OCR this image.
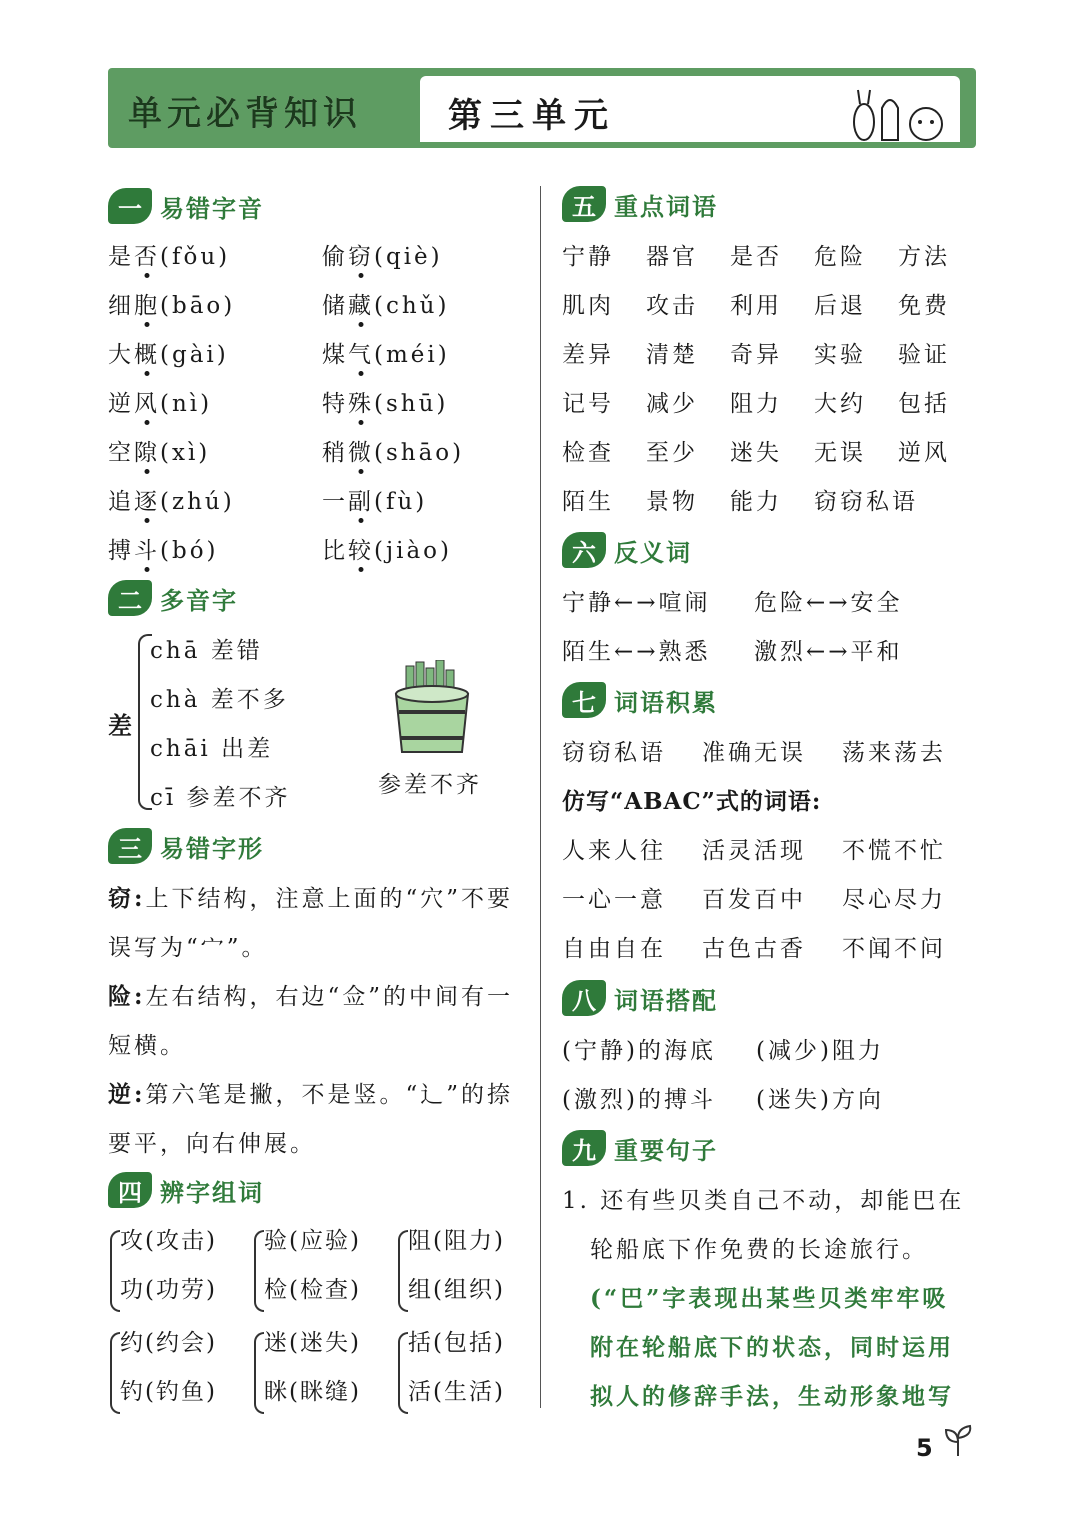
单元必背知识	第三单元
一 易错字音
是否(fǒu)
细胞(bāo)
大概(gài)
逆风(nì)
空隙(xì)
追逐(zhú)
搏斗(bó)
偷窃(qiè)
储藏(chǔ)
煤气(méi)
特殊(shū)
稍微(shāo)
一副(fù)
比较(jiào)
二 多音字
差
chā 差错
chà 差不多
chāi 出差
cī 参差不齐	参差不齐
三 易错字形
窃:上下结构，注意上面的“穴”不要
误写为“宀”。
险:左右结构，右边“佥”的中间有一
短横。
逆:第六笔是撇，不是竖。“辶”的捺
要平，向右伸展。
四 辨字组词
攻(攻击)
功(功劳)
验(应验)
检(检查)
阻(阻力)
组(组织)
约(约会)
钓(钓鱼)
迷(迷失)
眯(眯缝)
括(包括)
活(生活)
五 重点词语
宁静 器官 是否 危险 方法
肌肉 攻击 利用 后退 免费
差异 清楚 奇异 实验 验证
记号 减少 阻力 大约 包括
检查 至少 迷失 无误 逆风
陌生 景物 能力 窃窃私语
六 反义词
宁静←→喧闹 危险←→安全
陌生←→熟悉 激烈←→平和
七 词语积累
窃窃私语 准确无误 荡来荡去
仿写“ABAC”式的词语:
人来人往 活灵活现 不慌不忙
一心一意 百发百中 尽心尽力
自由自在 古色古香 不闻不问
八 词语搭配
(宁静)的海底 (减少)阻力
(激烈)的搏斗 (迷失)方向
九 重要句子
1. 还有些贝类自己不动，却能巴在
轮船底下作免费的长途旅行。
(“巴”字表现出某些贝类牢牢吸
附在轮船底下的状态，同时运用
拟人的修辞手法，生动形象地写
5
